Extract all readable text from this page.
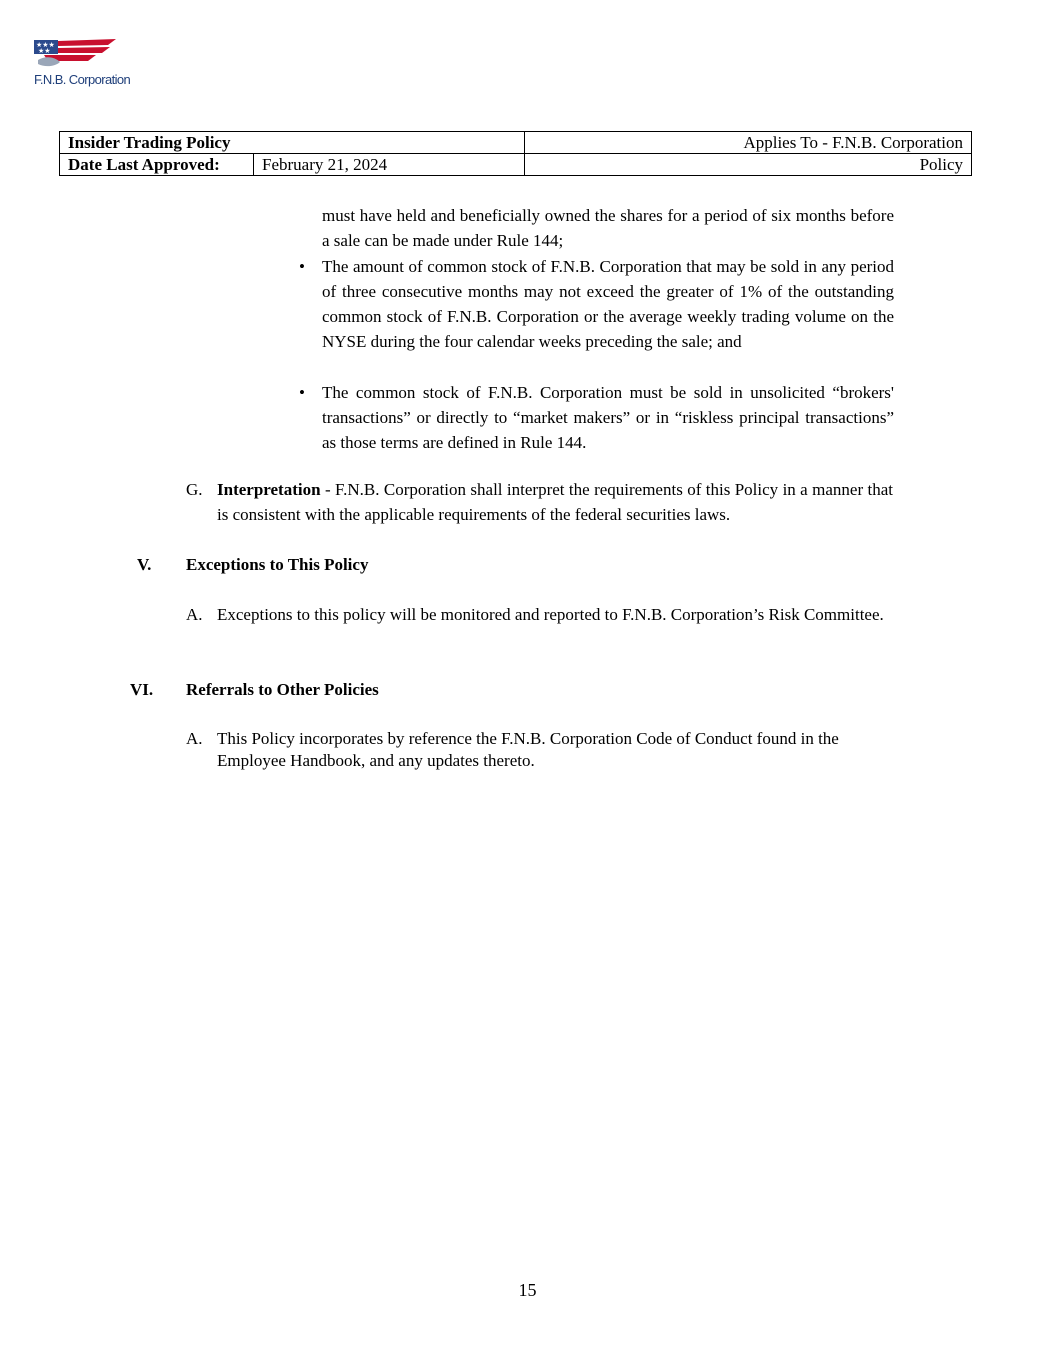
★★★
★★
F.N.B. Corporation
Insider Trading Policy		Applies To - F.N.B. Corporation
Date Last Approved:	February 21, 2024	Policy
must have held and beneficially owned the shares for a period of six months before a sale can be made under Rule 144;
• The amount of common stock of F.N.B. Corporation that may be sold in any period of three consecutive months may not exceed the greater of 1% of the outstanding common stock of F.N.B. Corporation or the average weekly trading volume on the NYSE during the four calendar weeks preceding the sale; and
• The common stock of F.N.B. Corporation must be sold in unsolicited “brokers' transactions” or directly to “market makers” or in “riskless principal transactions” as those terms are defined in Rule 144.
G. Interpretation - F.N.B. Corporation shall interpret the requirements of this Policy in a manner that is consistent with the applicable requirements of the federal securities laws.
V. Exceptions to This Policy
A. Exceptions to this policy will be monitored and reported to F.N.B. Corporation’s Risk Committee.
VI. Referrals to Other Policies
A. This Policy incorporates by reference the F.N.B. Corporation Code of Conduct found in the Employee Handbook, and any updates thereto.
15
